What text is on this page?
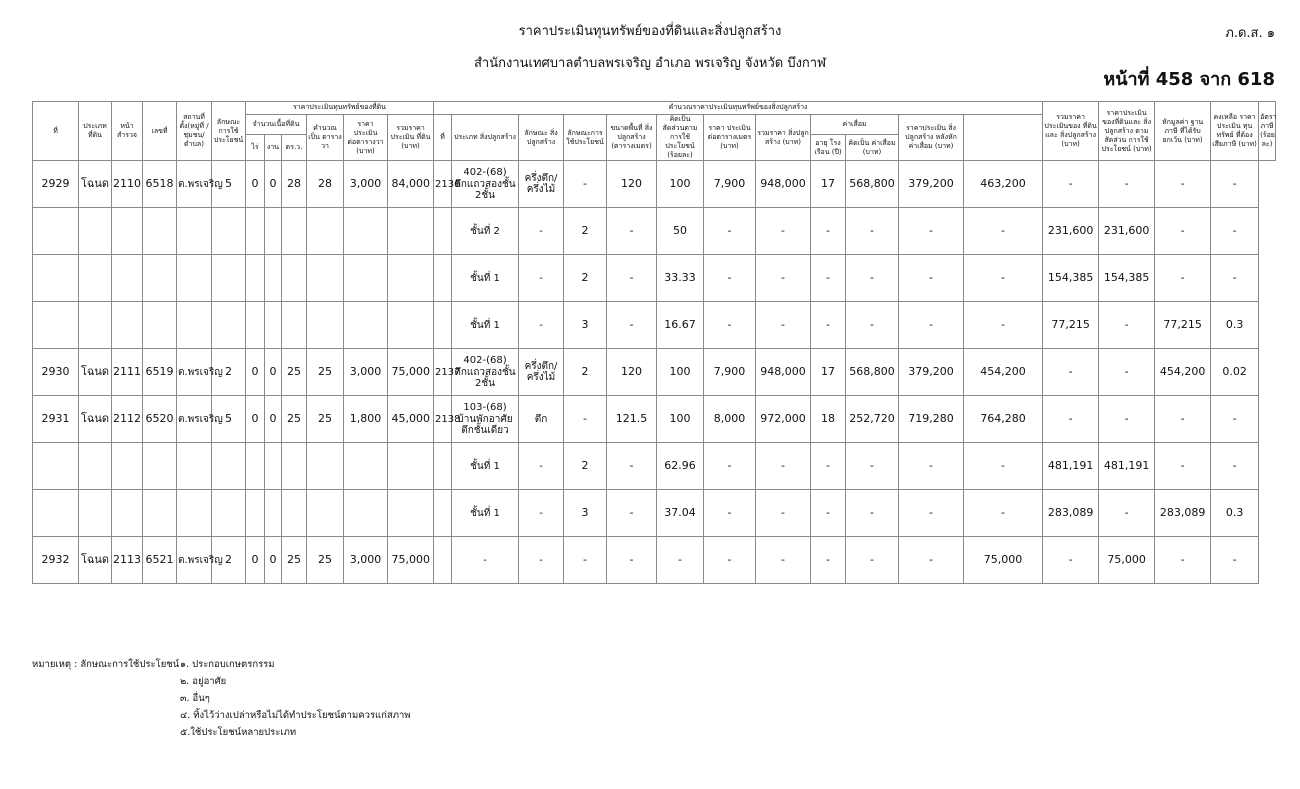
ราคาประเมินทุนทรัพย์ของที่ดินและสิ่งปลูกสร้าง
สำนักงานเทศบาลตำบลพรเจริญ อำเภอ พรเจริญ จังหวัด บึงกาฬ
ภ.ด.ส. ๑
หน้าที่ 458 จาก 618
ที่	ประเภท ที่ดิน	หน้า สำรวจ	เลขที่	สถานที่ ตั้ง(หมู่ที่ /ชุมชน/ ตำบล)	ลักษณะ การใช้ ประโยชน์	ราคาประเมินทุนทรัพย์ของที่ดิน						คำนวณราคาประเมินทุนทรัพย์ของสิ่งปลูกสร้าง												รวมราคา ประเมินของ ที่ดินและ สิ่งปลูกสร้าง (บาท)	ราคาประเมิน ของที่ดินและ สิ่งปลูกสร้าง ตามสัดส่วน การใช้ประโยชน์ (บาท)	หักมูลค่า ฐานภาษี ที่ได้รับ ยกเว้น (บาท)	คงเหลือ ราคาประเมิน ทุนทรัพย์ ที่ต้องเสียภาษี (บาท)	อัตราภาษี (ร้อยละ)
						จำนวนเนื้อที่ดิน			คำนวณ เป็น ตารางวา	ราคา ประเมิน ต่อตารางวา (บาท)	รวมราคา ประเมิน ที่ดิน (บาท)	ที่	ประเภท สิ่งปลูกสร้าง	ลักษณะ สิ่งปลูกสร้าง	ลักษณะการ ใช้ประโยชน์	ขนาดพื้นที่ สิ่งปลูกสร้าง (ตารางเมตร)	คิดเป็น สัดส่วนตาม การใช้ ประโยชน์ (ร้อยละ)	ราคา ประเมิน ต่อตารางเมตร (บาท)	รวมราคา สิ่งปลูกสร้าง (บาท)	ค่าเสื่อม		ราคาประเมิน สิ่งปลูกสร้าง หลังหัก ค่าเสื่อม (บาท)						
						ไร่	งาน	ตร.ว.												อายุ โรงเรือน (ปี)	คิดเป็น ค่าเสื่อม (บาท)							
2929	โฉนด	2110	6518	ต.พรเจริญ	5	0	0	28	28	3,000	84,000	2136	402-(68) ตึกแถวสองชั้น 2ชั้น	ครึ่งตึก/ครึ่งไม้	-	120	100	7,900	948,000	17	568,800	379,200	463,200	-	-	-	-	
													ชั้นที่ 2	-	2	-	50	-	-	-	-	-	-	231,600	231,600	-	-	
													ชั้นที่ 1	-	2	-	33.33	-	-	-	-	-	-	154,385	154,385	-	-	
													ชั้นที่ 1	-	3	-	16.67	-	-	-	-	-	-	77,215	-	77,215	0.3	
2930	โฉนด	2111	6519	ต.พรเจริญ	2	0	0	25	25	3,000	75,000	2137	402-(68) ตึกแถวสองชั้น 2ชั้น	ครึ่งตึก/ครึ่งไม้	2	120	100	7,900	948,000	17	568,800	379,200	454,200	-	-	454,200	0.02	
2931	โฉนด	2112	6520	ต.พรเจริญ	5	0	0	25	25	1,800	45,000	2138	103-(68) บ้านพักอาศัยตึกชั้นเดียว	ตึก	-	121.5	100	8,000	972,000	18	252,720	719,280	764,280	-	-	-	-	
													ชั้นที่ 1	-	2	-	62.96	-	-	-	-	-	-	481,191	481,191	-	-	
													ชั้นที่ 1	-	3	-	37.04	-	-	-	-	-	-	283,089	-	283,089	0.3	
2932	โฉนด	2113	6521	ต.พรเจริญ	2	0	0	25	25	3,000	75,000		-	-	-	-	-	-	-	-	-	-	75,000	-	75,000	-	-	
หมายเหตุ : ลักษณะการใช้ประโยชน์ ๑. ประกอบเกษตรกรรม
๒. อยู่อาศัย
๓. อื่นๆ
๔. ทิ้งไว้ว่างเปล่าหรือไม่ได้ทำประโยชน์ตามควรแก่สภาพ
๕.ใช้ประโยชน์หลายประเภท
